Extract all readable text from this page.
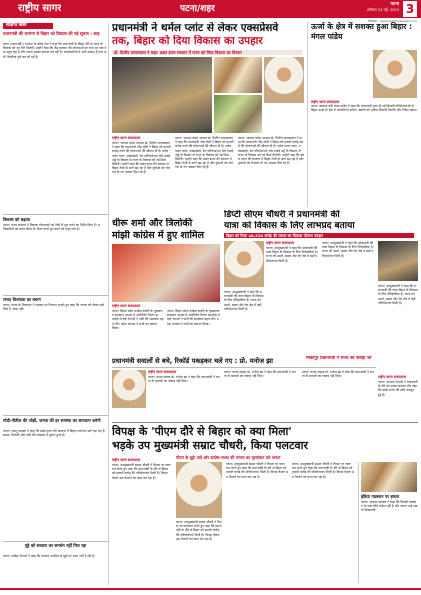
राष्ट्रीय सागर	पटना/शहर	पटना
शनिवार 31 मई, 2025 3
वेबसाइट : www.rashtriyasagar.com
संक्षिप्त खबरें
प्रधानमंत्री की दरभंगा से बिहार को विकास की नई सूचना : शाह
पटना (एसएनबी)। भाजपा के वरिष्ठ नेता ने कहा कि प्रधानमंत्री के बिहार दौरे से राज्य के विकास को नई गति मिलेगी। उन्होंने कहा कि केंद्र सरकार की योजनाओं का लाभ हर गांव तक पहुंच रहा है और जनता इसका स्वागत कर रही है। कार्यकर्ताओं में भारी उत्साह है तथा सभी तैयारियां पूरी कर ली गई हैं।
विकास को बढ़ावा
पटना। राज्य सरकार ने विकास योजनाओं को तेजी से पूरा करने का निर्देश दिया है। अधिकारियों को समय सीमा के भीतर कार्य पूरा करने को कहा गया है।
राजद विधायक का बयान
पटना। राजद के विधायक ने सरकार पर निशाना साधते हुए कहा कि जनता को केवल वादे मिले हैं, काम नहीं।
मोदी-नीतीश की जोड़ी, जनता की हर समस्या का समाधान करेगी
पटना। जदयू प्रवक्ता ने कहा कि डबल इंजन की सरकार में बिहार लगातार आगे बढ़ रहा है। सड़क, बिजली और पानी की व्यवस्था में सुधार हुआ है।
मुद्दे को सरकार का समर्थन नहीं मिल रहा
पटना। कांग्रेस नेताओं ने कहा कि सरकार जनहित के मुद्दों पर ध्यान नहीं दे रही है।
प्रधानमंत्री ने थर्मल प्लांट से लेकर एक्सप्रेसवे
तक, बिहार को दिया विकास का उपहार
डॉ. दिलीप जायसवाल ने कहा- डबल इंजन सरकार में राज्य को मिला विकास का विस्तार
राष्ट्रीय सागर संवाददाता
पटना। भाजपा प्रदेश अध्यक्ष डॉ. दिलीप जायसवाल ने कहा कि प्रधानमंत्री नरेंद्र मोदी ने बिहार को हजारों करोड़ रुपये की योजनाओं की सौगात दी है। थर्मल पावर प्लांट, एक्सप्रेसवे, रेल परियोजनाएं और हवाई अड्डे के विस्तार से राज्य के विकास को नई दिशा मिलेगी। उन्होंने कहा कि डबल इंजन की सरकार में बिहार तेजी से आगे बढ़ रहा है और युवाओं को रोजगार के नए अवसर मिल रहे हैं।
पटना। भाजपा प्रदेश अध्यक्ष डॉ. दिलीप जायसवाल ने कहा कि प्रधानमंत्री नरेंद्र मोदी ने बिहार को हजारों करोड़ रुपये की योजनाओं की सौगात दी है। थर्मल पावर प्लांट, एक्सप्रेसवे, रेल परियोजनाएं और हवाई अड्डे के विस्तार से राज्य के विकास को नई दिशा मिलेगी। उन्होंने कहा कि डबल इंजन की सरकार में बिहार तेजी से आगे बढ़ रहा है और युवाओं को रोजगार के नए अवसर मिल रहे हैं।
पटना। भाजपा प्रदेश अध्यक्ष डॉ. दिलीप जायसवाल ने कहा कि प्रधानमंत्री नरेंद्र मोदी ने बिहार को हजारों करोड़ रुपये की योजनाओं की सौगात दी है। थर्मल पावर प्लांट, एक्सप्रेसवे, रेल परियोजनाएं और हवाई अड्डे के विस्तार से राज्य के विकास को नई दिशा मिलेगी। उन्होंने कहा कि डबल इंजन की सरकार में बिहार तेजी से आगे बढ़ रहा है और युवाओं को रोजगार के नए अवसर मिल रहे हैं।
ऊर्जा के क्षेत्र में सशक्त हुआ बिहार : मंगल पांडेय
राष्ट्रीय सागर संवाददाता
पटना। स्वास्थ्य मंत्री मंगल पांडेय ने कहा कि प्रधानमंत्री द्वारा दी गई बिजली परियोजनाओं से बिहार ऊर्जा के क्षेत्र में आत्मनिर्भर बनेगा। उद्योगों को पर्याप्त बिजली मिलेगी और निवेश बढ़ेगा।
धीरू शर्मा और त्रिलोकी
मांझी कांग्रेस में हुए शामिल
राष्ट्रीय सागर संवाददाता
पटना। बिहार प्रदेश कांग्रेस कमेटी के मुख्यालय सदाकत आश्रम में आयोजित मिलन समारोह में कई नेताओं ने पार्टी की सदस्यता ग्रहण की। प्रदेश अध्यक्ष ने सभी का स्वागत किया।
पटना। बिहार प्रदेश कांग्रेस कमेटी के मुख्यालय सदाकत आश्रम में आयोजित मिलन समारोह में कई नेताओं ने पार्टी की सदस्यता ग्रहण की। प्रदेश अध्यक्ष ने सभी का स्वागत किया।
डिप्टी सीएम चौधरी ने प्रधानमंत्री की
यात्रा को विकास के लिए लाभप्रद बताया
बिहार को मिला 48,520 करोड़ की लागत का विकास योजना उपहार
राष्ट्रीय सागर संवाददाता
पटना। उपमुख्यमंत्री ने कहा कि प्रधानमंत्री की यात्रा बिहार के विकास के लिए ऐतिहासिक है। राज्य को ऊर्जा, सड़क और रेल क्षेत्र में बड़ी परियोजनाएं मिली हैं।
पटना। उपमुख्यमंत्री ने कहा कि प्रधानमंत्री की यात्रा बिहार के विकास के लिए ऐतिहासिक है। राज्य को ऊर्जा, सड़क और रेल क्षेत्र में बड़ी परियोजनाएं मिली हैं।
पटना। उपमुख्यमंत्री ने कहा कि प्रधानमंत्री की यात्रा बिहार के विकास के लिए ऐतिहासिक है। राज्य को ऊर्जा, सड़क और रेल क्षेत्र में बड़ी परियोजनाएं मिली हैं।
पटना। उपमुख्यमंत्री ने कहा कि प्रधानमंत्री की यात्रा बिहार के विकास के लिए ऐतिहासिक है। राज्य को ऊर्जा, सड़क और रेल क्षेत्र में बड़ी परियोजनाएं मिली हैं।
प्रधानमंत्री सवालों से बचे, रिकॉर्ड पकड़कर चले गए : प्रो. मनोज झा
राष्ट्रीय सागर संवाददाता
पटना। राजद सांसद प्रो. मनोज झा ने कहा कि प्रधानमंत्री ने जनता के सवालों का जवाब नहीं दिया।
पटना। राजद सांसद प्रो. मनोज झा ने कहा कि प्रधानमंत्री ने जनता के सवालों का जवाब नहीं दिया।
पटना। राजद सांसद प्रो. मनोज झा ने कहा कि प्रधानमंत्री ने जनता के सवालों का जवाब नहीं दिया।
मौकापुर प्रधानमंत्री ने राज्य को सराहा जी
राष्ट्रीय सागर संवाददाता
पटना। भाजपा नेताओं ने प्रधानमंत्री के दौरे को सफल बताया और कहा कि इससे राज्य की छवि मजबूत हुई है।
विपक्ष के 'पीएम दौरे से बिहार को क्या मिला'
भड़के उप मुख्यमंत्री सम्राट चौधरी, किया पलटवार
पीएम के झूठे वादे और कांग्रेस-राजद की परंपरा का मूल्यांकन करे जनता
राष्ट्रीय सागर संवाददाता
पटना। उपमुख्यमंत्री सम्राट चौधरी ने विपक्ष पर पलटवार करते हुए कहा कि प्रधानमंत्री के दौरे से बिहार को हजारों करोड़ की परियोजनाएं मिली हैं। विपक्ष केवल भ्रम फैलाने का काम कर रहा है।
पटना। उपमुख्यमंत्री सम्राट चौधरी ने विपक्ष पर पलटवार करते हुए कहा कि प्रधानमंत्री के दौरे से बिहार को हजारों करोड़ की परियोजनाएं मिली हैं। विपक्ष केवल भ्रम फैलाने का काम कर रहा है।
पटना। उपमुख्यमंत्री सम्राट चौधरी ने विपक्ष पर पलटवार करते हुए कहा कि प्रधानमंत्री के दौरे से बिहार को हजारों करोड़ की परियोजनाएं मिली हैं। विपक्ष केवल भ्रम फैलाने का काम कर रहा है।
पटना। उपमुख्यमंत्री सम्राट चौधरी ने विपक्ष पर पलटवार करते हुए कहा कि प्रधानमंत्री के दौरे से बिहार को हजारों करोड़ की परियोजनाएं मिली हैं। विपक्ष केवल भ्रम फैलाने का काम कर रहा है।
इंडिया गठबंधन पर हमला
पटना। भाजपा प्रवक्ता ने कहा कि विपक्षी गठबंधन के पास कोई एजेंडा नहीं है और जनता उन्हें सबक सिखाएगी।
